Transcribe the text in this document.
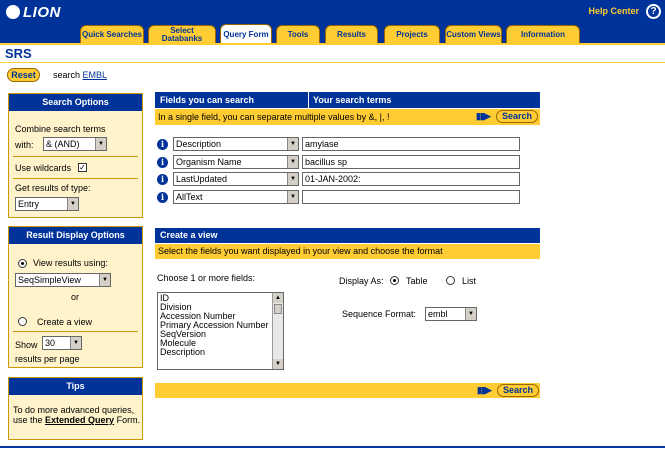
LION	Help Center	?
Quick Searches	Select Databanks	Query Form	Tools	Results	Projects	Custom Views	Information
SRS
Reset	search EMBL
Search Options
Combine search terms
with:	& (AND)	▼
Use wildcards ✓
Get results of type:
Entry	▼
Result Display Options
View results using:
SeqSimpleView	▼
or
Create a view
Show 30	▼
results per page
Tips
To do more advanced queries, use the Extended Query Form.
Fields you can search	Your search terms
In a single field, you can separate multiple values by &, |, !	▮▮▶	Search
i	Description	▼	amylase
i	Organism Name	▼	bacillus sp
i	LastUpdated	▼	01-JAN-2002:
i	AllText	▼
Create a view
Select the fields you want displayed in your view and choose the format
Choose 1 or more fields:
ID
Division
Accession Number
Primary Accession Number
SeqVersion
Molecule
Description
▲
▼
Display As: Table	List
Sequence Format:	embl	▼
▮▮▶	Search
